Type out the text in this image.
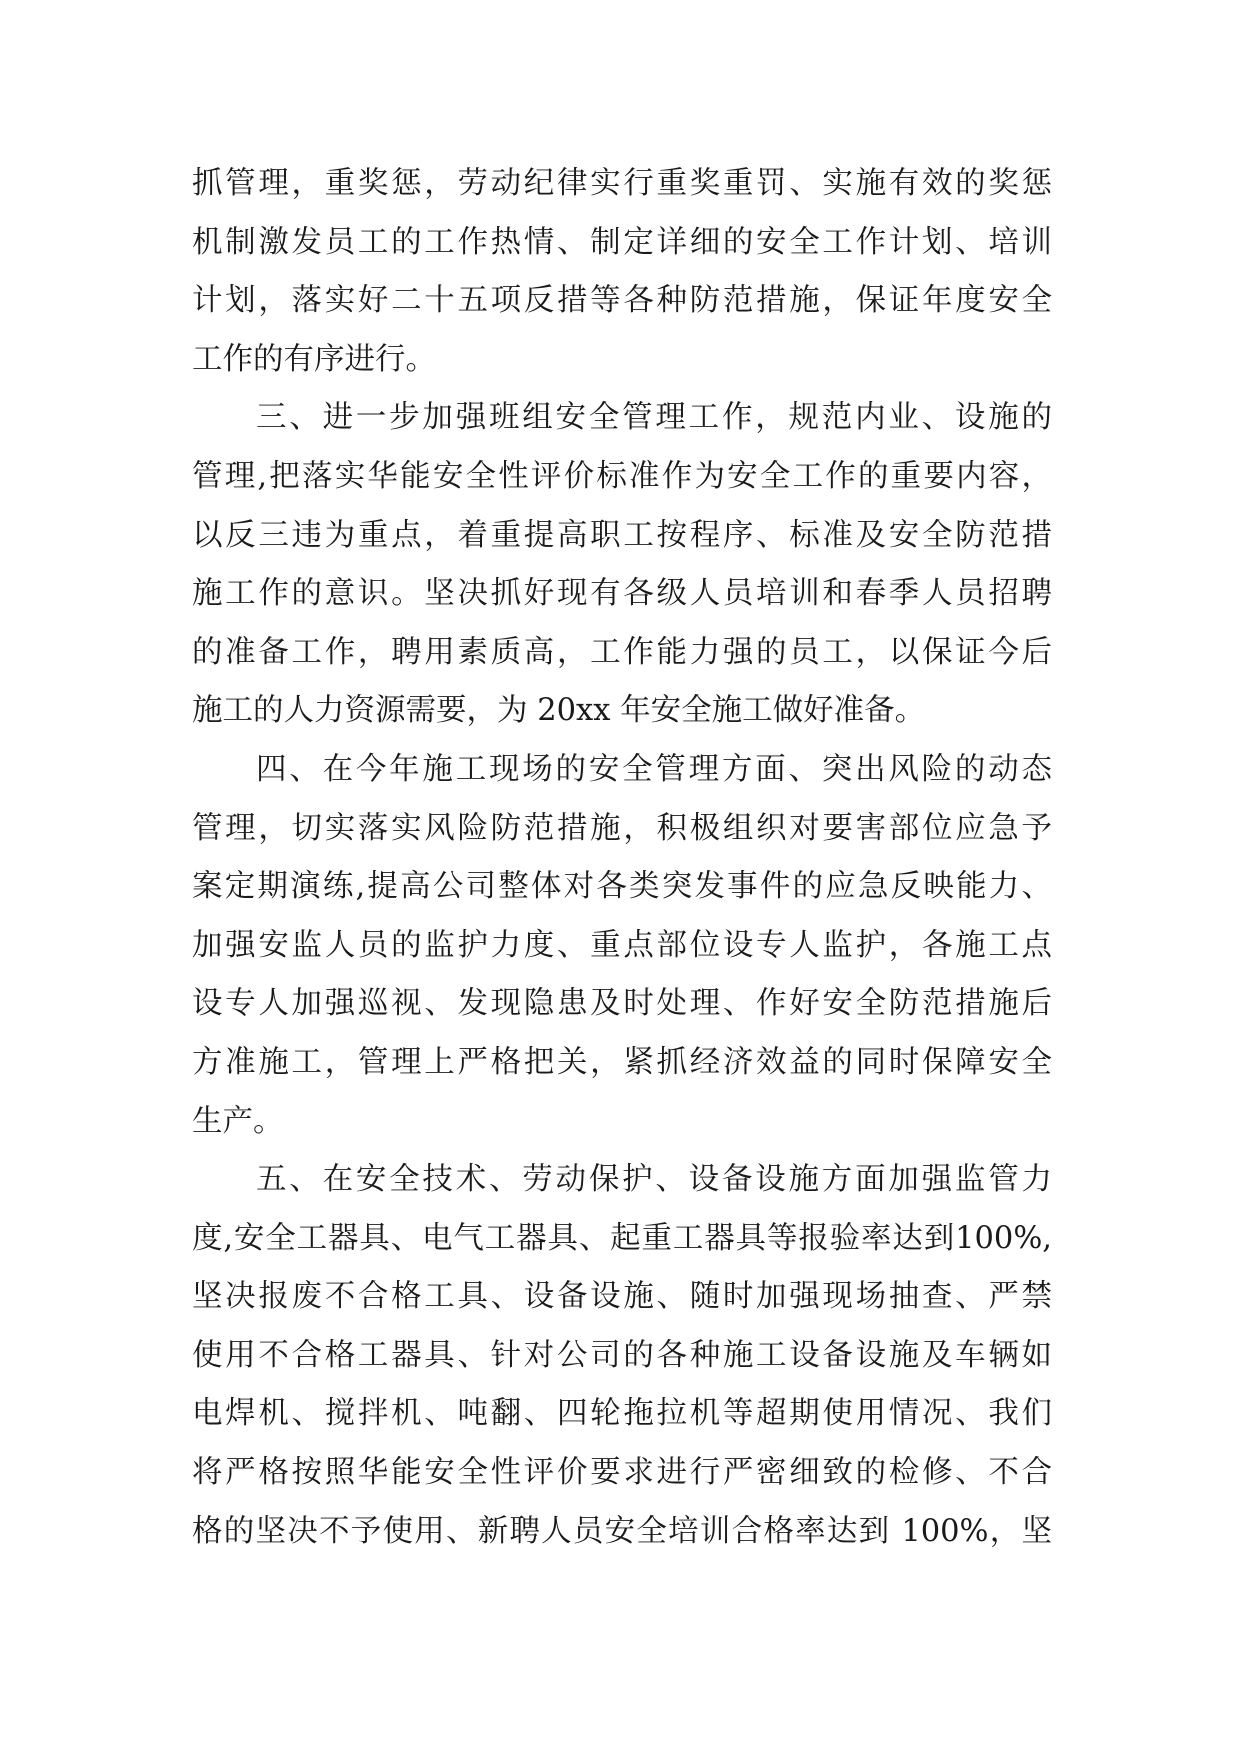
抓管理，重奖惩，劳动纪律实行重奖重罚、实施有效的奖惩
机制激发员工的工作热情、制定详细的安全工作计划、培训
计划，落实好二十五项反措等各种防范措施，保证年度安全
工作的有序进行。
三、进一步加强班组安全管理工作，规范内业、设施的
管理,把落实华能安全性评价标准作为安全工作的重要内容，
以反三违为重点，着重提高职工按程序、标准及安全防范措
施工作的意识。坚决抓好现有各级人员培训和春季人员招聘
的准备工作，聘用素质高，工作能力强的员工，以保证今后
施工的人力资源需要，为 20xx 年安全施工做好准备。
四、在今年施工现场的安全管理方面、突出风险的动态
管理，切实落实风险防范措施，积极组织对要害部位应急予
案定期演练,提高公司整体对各类突发事件的应急反映能力、
加强安监人员的监护力度、重点部位设专人监护，各施工点
设专人加强巡视、发现隐患及时处理、作好安全防范措施后
方准施工，管理上严格把关，紧抓经济效益的同时保障安全
生产。
五、在安全技术、劳动保护、设备设施方面加强监管力
度,安全工器具、电气工器具、起重工器具等报验率达到100%,
坚决报废不合格工具、设备设施、随时加强现场抽查、严禁
使用不合格工器具、针对公司的各种施工设备设施及车辆如
电焊机、搅拌机、吨翻、四轮拖拉机等超期使用情况、我们
将严格按照华能安全性评价要求进行严密细致的检修、不合
格的坚决不予使用、新聘人员安全培训合格率达到 100%，坚
